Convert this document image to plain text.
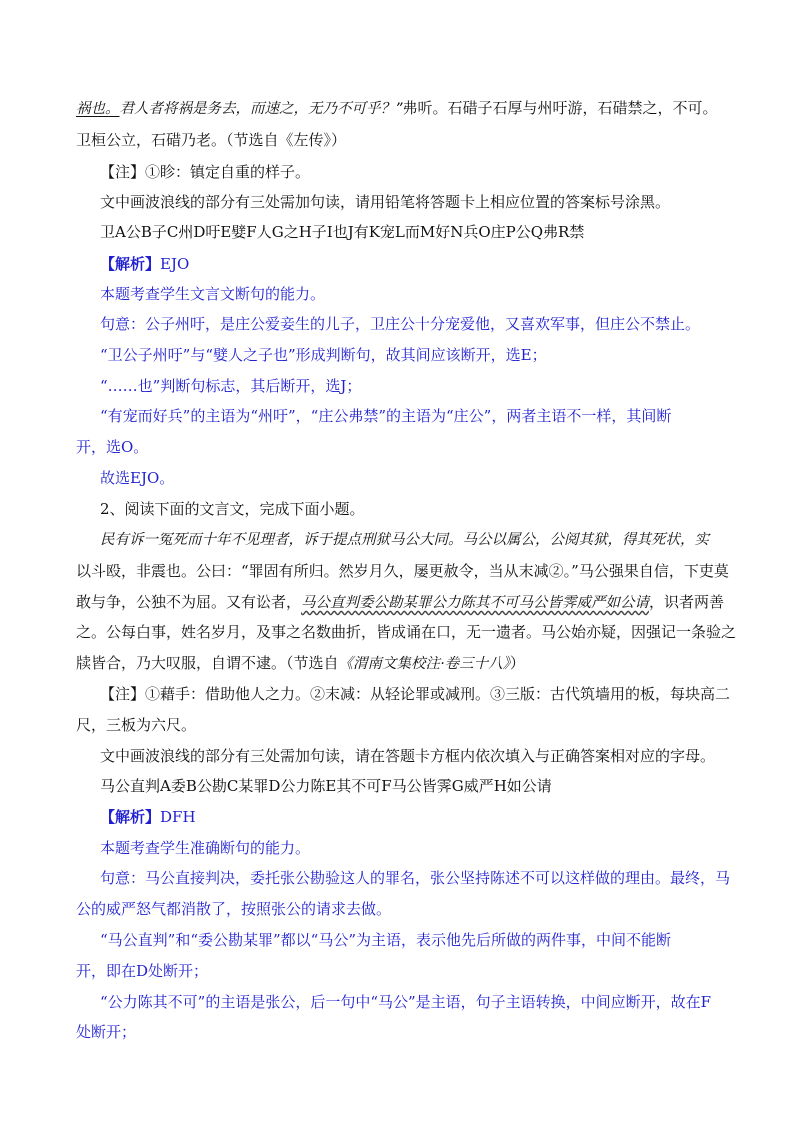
祸也。君人者将祸是务去，而速之，无乃不可乎？”弗听。石碏子石厚与州吁游，石碏禁之，不可。
卫桓公立，石碏乃老。（节选自《左传》）
【注】①眕：镇定自重的样子。
文中画波浪线的部分有三处需加句读，请用铅笔将答题卡上相应位置的答案标号涂黑。
卫A公B子C州D吁E嬖F人G之H子I也J有K宠L而M好N兵O庄P公Q弗R禁
【解析】EJO
本题考查学生文言文断句的能力。
句意：公子州吁，是庄公爱妾生的儿子，卫庄公十分宠爱他，又喜欢军事，但庄公不禁止。
“卫公子州吁”与“嬖人之子也”形成判断句，故其间应该断开，选E；
“……也”判断句标志，其后断开，选J；
“有宠而好兵”的主语为“州吁”，“庄公弗禁”的主语为“庄公”，两者主语不一样，其间断
开，选O。
故选EJO。
2、阅读下面的文言文，完成下面小题。
民有诉一冤死而十年不见理者，诉于提点刑狱马公大同。马公以属公，公阅其狱，得其死状，实
以斗殴，非震也。公曰：“罪固有所归。然岁月久，屡更赦令，当从末减②。”马公强果自信，下吏莫
敢与争，公独不为屈。又有讼者，马公直判委公勘某罪公力陈其不可马公皆霁威严如公请，识者两善
之。公每白事，姓名岁月，及事之名数曲折，皆成诵在口，无一遗者。马公始亦疑，因强记一条验之
牍皆合，乃大叹服，自谓不逮。（节选自《渭南文集校注·卷三十八》）
【注】①藉手：借助他人之力。②末减：从轻论罪或减刑。③三版：古代筑墙用的板，每块高二
尺，三板为六尺。
文中画波浪线的部分有三处需加句读，请在答题卡方框内依次填入与正确答案相对应的字母。
马公直判A委B公勘C某罪D公力陈E其不可F马公皆霁G威严H如公请
【解析】DFH
本题考查学生准确断句的能力。
句意：马公直接判决，委托张公勘验这人的罪名，张公坚持陈述不可以这样做的理由。最终，马
公的威严怒气都消散了，按照张公的请求去做。
“马公直判”和“委公勘某罪”都以“马公”为主语，表示他先后所做的两件事，中间不能断
开，即在D处断开；
“公力陈其不可”的主语是张公，后一句中“马公”是主语，句子主语转换，中间应断开，故在F
处断开；
